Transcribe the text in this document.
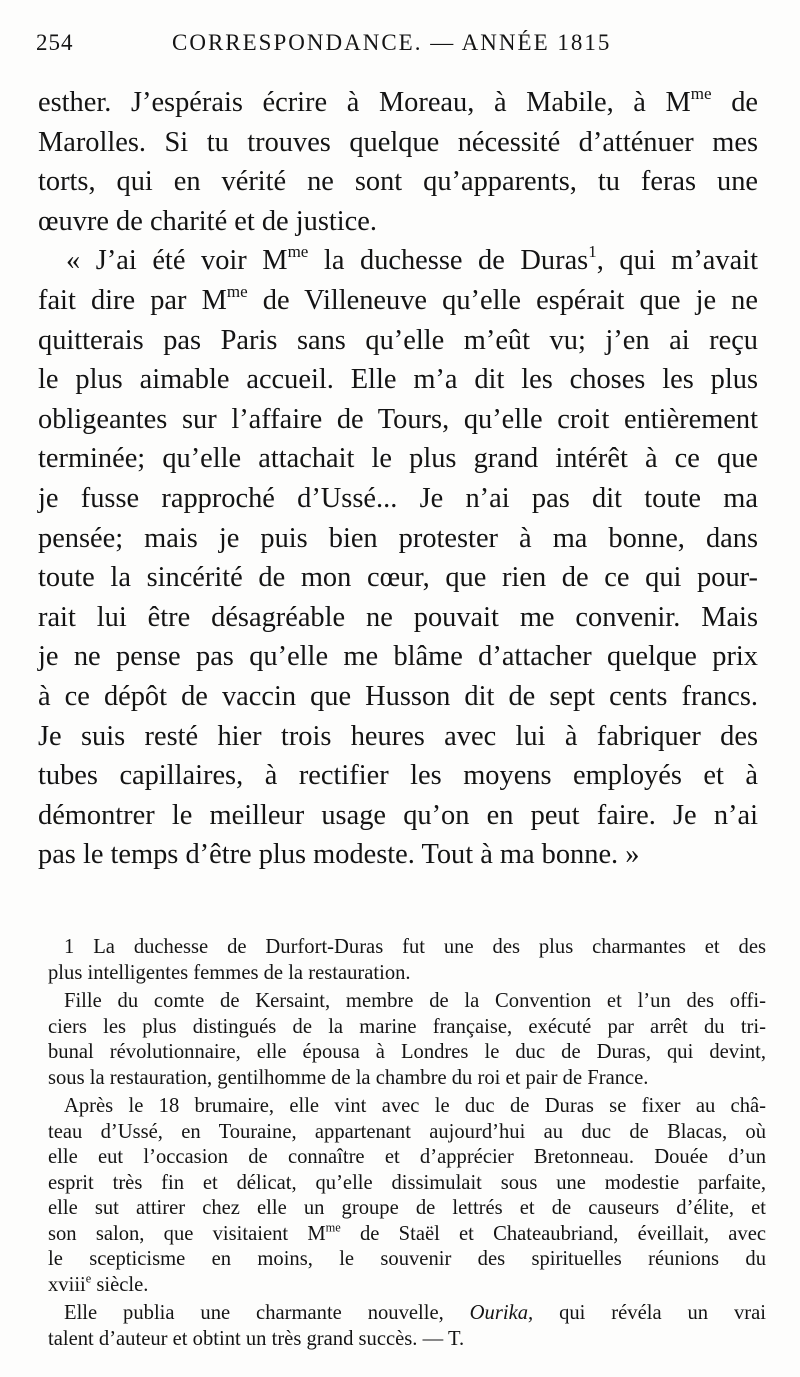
254	CORRESPONDANCE. — ANNÉE 1815
esther. J’espérais écrire à Moreau, à Mabile, à $M^{me}$ de
Marolles. Si tu trouves quelque nécessité d’atténuer mes
torts, qui en vérité ne sont qu’apparents, tu feras une
œuvre de charité et de justice.
« J’ai été voir $M^{me}$ la duchesse de Duras$^1$, qui m’avait
fait dire par $M^{me}$ de Villeneuve qu’elle espérait que je ne
quitterais pas Paris sans qu’elle m’eût vu; j’en ai reçu
le plus aimable accueil. Elle m’a dit les choses les plus
obligeantes sur l’affaire de Tours, qu’elle croit entièrement
terminée; qu’elle attachait le plus grand intérêt à ce que
je fusse rapproché d’Ussé... Je n’ai pas dit toute ma
pensée; mais je puis bien protester à ma bonne, dans
toute la sincérité de mon cœur, que rien de ce qui pour-
rait lui être désagréable ne pouvait me convenir. Mais
je ne pense pas qu’elle me blâme d’attacher quelque prix
à ce dépôt de vaccin que Husson dit de sept cents francs.
Je suis resté hier trois heures avec lui à fabriquer des
tubes capillaires, à rectifier les moyens employés et à
démontrer le meilleur usage qu’on en peut faire. Je n’ai
pas le temps d’être plus modeste. Tout à ma bonne. »
1 La duchesse de Durfort-Duras fut une des plus charmantes et des
plus intelligentes femmes de la restauration.
Fille du comte de Kersaint, membre de la Convention et l’un des offi-
ciers les plus distingués de la marine française, exécuté par arrêt du tri-
bunal révolutionnaire, elle épousa à Londres le duc de Duras, qui devint,
sous la restauration, gentilhomme de la chambre du roi et pair de France.
Après le 18 brumaire, elle vint avec le duc de Duras se fixer au châ-
teau d’Ussé, en Touraine, appartenant aujourd’hui au duc de Blacas, où
elle eut l’occasion de connaître et d’apprécier Bretonneau. Douée d’un
esprit très fin et délicat, qu’elle dissimulait sous une modestie parfaite,
elle sut attirer chez elle un groupe de lettrés et de causeurs d’élite, et
son salon, que visitaient $M^{me}$ de Staël et Chateaubriand, éveillait, avec
le scepticisme en moins, le souvenir des spirituelles réunions du
xviii$^e$ siècle.
Elle publia une charmante nouvelle, Ourika, qui révéla un vrai
talent d’auteur et obtint un très grand succès. — T.
